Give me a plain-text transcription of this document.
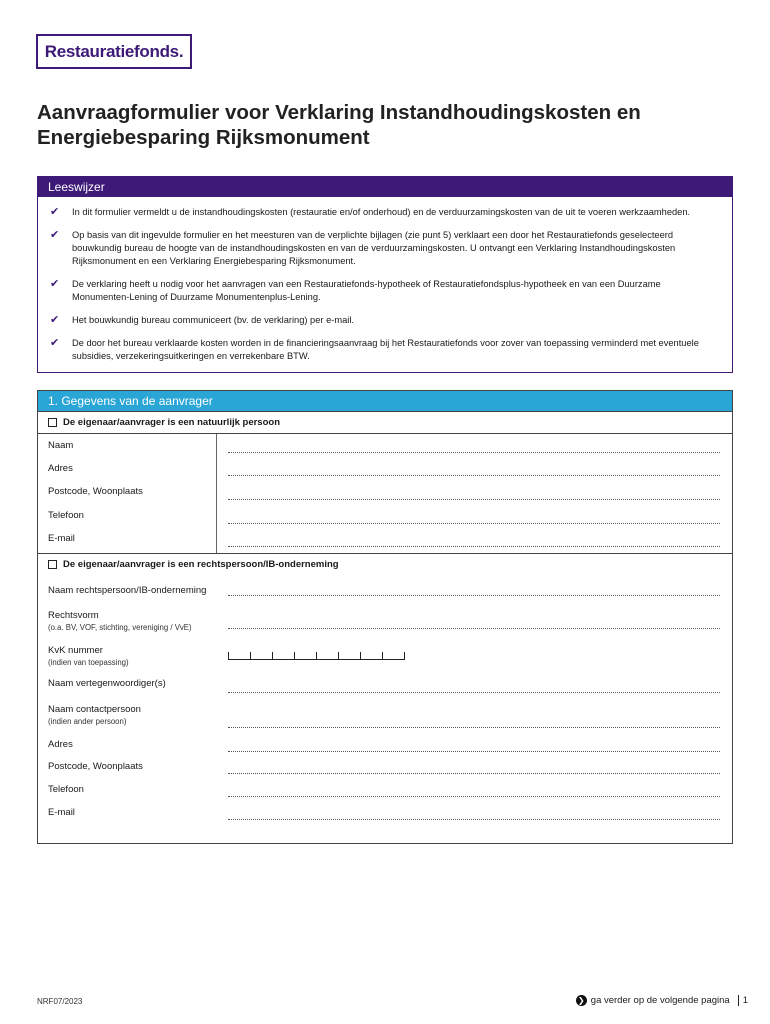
Restauratiefonds.
Aanvraagformulier voor Verklaring Instandhoudingskosten en Energiebesparing Rijksmonument
Leeswijzer
✔	In dit formulier vermeldt u de instandhoudingskosten (restauratie en/of onderhoud) en de verduurzamingskosten van de uit te voeren werkzaamheden.
✔	Op basis van dit ingevulde formulier en het meesturen van de verplichte bijlagen (zie punt 5) verklaart een door het Restauratiefonds geselecteerd bouwkundig bureau de hoogte van de instandhoudingskosten en van de verduurzamingskosten. U ontvangt een Verklaring Instandhoudingskosten Rijksmonument en een Verklaring Energiebesparing Rijksmonument.
✔	De verklaring heeft u nodig voor het aanvragen van een Restauratiefonds-hypotheek of Restauratiefondsplus-hypotheek en van een Duurzame Monumenten-Lening of Duurzame Monumentenplus-Lening.
✔	Het bouwkundig bureau communiceert (bv. de verklaring) per e-mail.
✔	De door het bureau verklaarde kosten worden in de financieringsaanvraag bij het Restauratiefonds voor zover van toepassing verminderd met eventuele subsidies, verzekeringsuitkeringen en verrekenbare BTW.
1. Gegevens van de aanvrager
De eigenaar/aanvrager is een natuurlijk persoon
Naam
Adres
Postcode, Woonplaats
Telefoon
E-mail
De eigenaar/aanvrager is een rechtspersoon/IB-onderneming
Naam rechtspersoon/IB-onderneming
Rechtsvorm
(o.a. BV, VOF, stichting, vereniging / VvE)
KvK nummer
(indien van toepassing)
Naam vertegenwoordiger(s)
Naam contactpersoon
(indien ander persoon)
Adres
Postcode, Woonplaats
Telefoon
E-mail
NRF07/2023	❯ ga verder op de volgende pagina	1
